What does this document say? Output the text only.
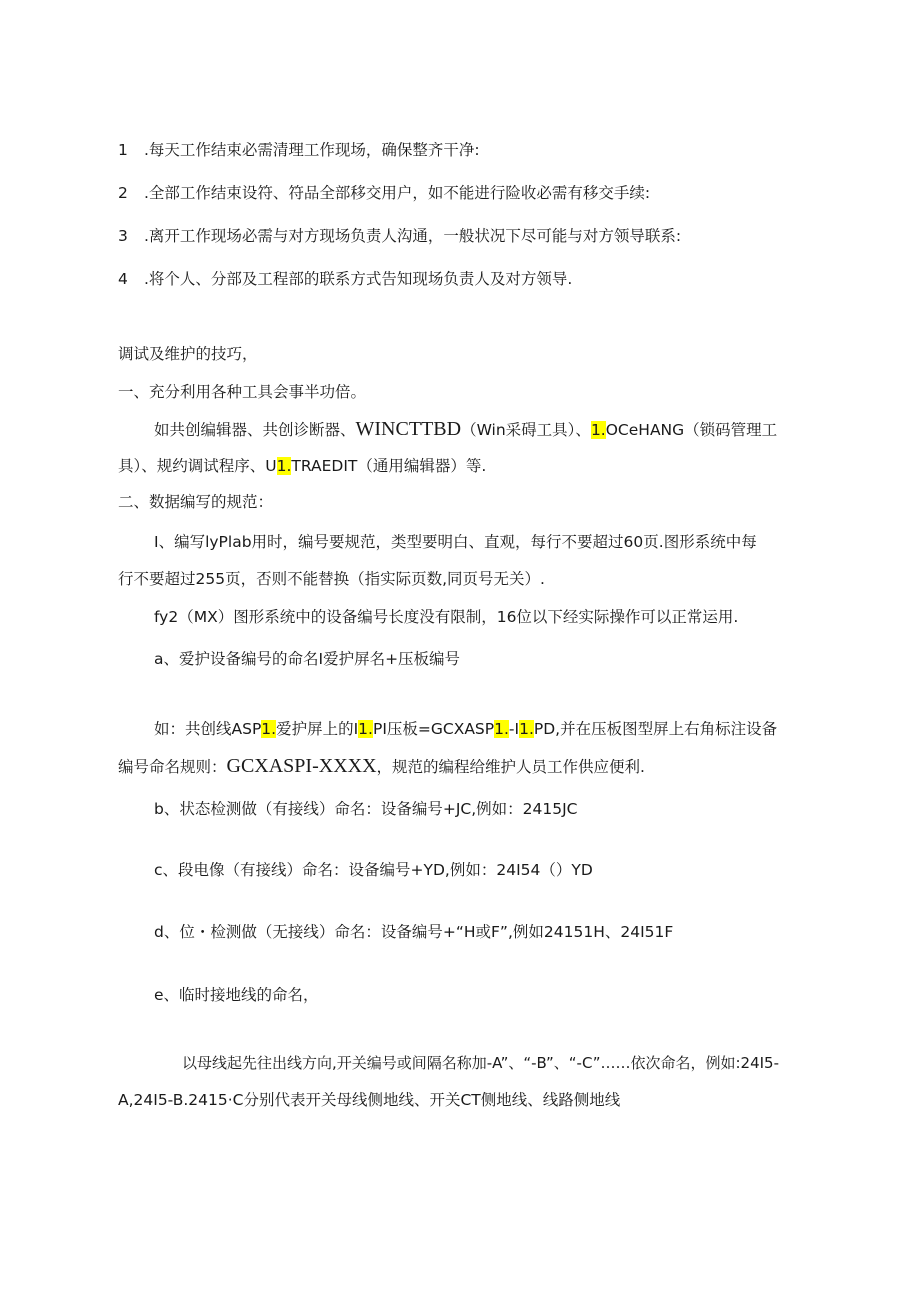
1 .每天工作结束必需清理工作现场，确保整齐干净:
2 .全部工作结束设符、符品全部移交用户，如不能进行险收必需有移交手续:
3 .离开工作现场必需与对方现场负责人沟通，一般状况下尽可能与对方领导联系:
4 .将个人、分部及工程部的联系方式告知现场负责人及对方领导.
调试及维护的技巧，
一、充分利用各种工具会事半功倍。
如共创编辑器、共创诊断器、WINCTTBD（Win采碍工具）、1.OCeHANG（锁码管理工
具）、规约调试程序、U1.TRAEDIT（通用编辑器）等.
二、数据编写的规范：
I、编写lyPlab用时，编号要规范，类型要明白、直观，每行不要超过60页.图形系统中每
行不要超过255页，否则不能替换（指实际页数,同页号无关）.
fy2（MX）图形系统中的设备编号长度没有限制，16位以下经实际操作可以正常运用.
a、爱护设备编号的命名I爱护屏名+压板编号
如：共创线ASP1.爱护屏上的I1.PI压板=GCXASP1.-I1.PD,并在压板图型屏上右角标注设备
编号命名规则：GCXASPI-XXXX，规范的编程给维护人员工作供应便利.
b、状态检测做（有接线）命名：设备编号+JC,例如：2415JC
c、段电像（有接线）命名：设备编号+YD,例如：24I54（）YD
d、位・检测做（无接线）命名：设备编号+“H或F”,例如24151H、24I51F
e、临时接地线的命名，
以母线起先往出线方向,开关编号或间隔名称加-A”、“-B”、“-C”……依次命名，例如:24I5-
A,24I5-B.2415·C分别代表开关母线侧地线、开关CT侧地线、线路侧地线
